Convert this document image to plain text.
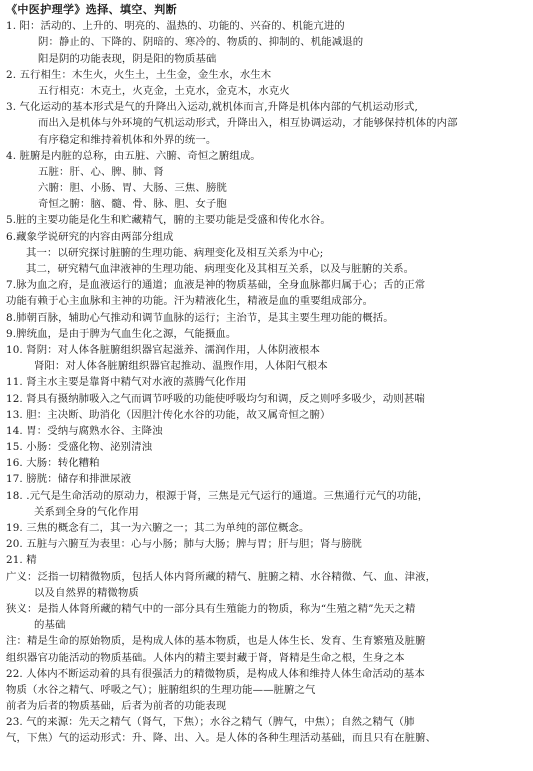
《中医护理学》选择、填空、判断
1. 阳：活动的、上升的、明亮的、温热的、功能的、兴奋的、机能亢进的
阴：静止的、下降的、阴暗的、寒冷的、物质的、抑制的、机能减退的
阳是阴的功能表现，阴是阳的物质基础
2. 五行相生：木生火，火生土，土生金，金生水，水生木
五行相克：木克土，火克金，土克水，金克木，水克火
3. 气化运动的基本形式是气的升降出入运动,就机体而言,升降是机体内部的气机运动形式,
而出入是机体与外环境的气机运动形式，升降出入，相互协调运动，才能够保持机体的内部
有序稳定和维持着机体和外界的统一。
4. 脏腑是内脏的总称，由五脏、六腑、奇恒之腑组成。
五脏：肝、心、脾、肺、肾
六腑：胆、小肠、胃、大肠、三焦、膀胱
奇恒之腑：脑、髓、骨、脉、胆、女子胞
5.脏的主要功能是化生和贮藏精气，腑的主要功能是受盛和传化水谷。
6.藏象学说研究的内容由两部分组成
其一：以研究探讨脏腑的生理功能、病理变化及相互关系为中心;
其二，研究精气血津液神的生理功能、病理变化及其相互关系，以及与脏腑的关系。
7.脉为血之府，是血液运行的通道；血液是神的物质基础，全身血脉都归属于心；舌的正常
功能有赖于心主血脉和主神的功能。汗为精液化生，精液是血的重要组成部分。
8.肺朝百脉，辅助心气推动和调节血脉的运行；主治节，是其主要生理功能的概括。
9.脾统血，是由于脾为气血生化之源，气能摄血。
10. 肾阴：对人体各脏腑组织器官起滋养、濡润作用，人体阴液根本
肾阳：对人体各脏腑组织器官起推动、温煦作用，人体阳气根本
11. 肾主水主要是靠肾中精气对水液的蒸腾气化作用
12. 肾具有摄纳肺吸入之气而调节呼吸的功能使呼吸均匀和调，反之则呼多吸少，动则甚喘
13. 胆：主决断、助消化（因胆汁传化水谷的功能，故又属奇恒之腑）
14. 胃：受纳与腐熟水谷、主降浊
15. 小肠：受盛化物、泌别清浊
16. 大肠：转化糟粕
17. 膀胱：储存和排泄尿液
18. .元气是生命活动的原动力，根源于肾，三焦是元气运行的通道。三焦通行元气的功能，
关系到全身的气化作用
19. 三焦的概念有二，其一为六腑之一；其二为单纯的部位概念。
20. 五脏与六腑互为表里：心与小肠；肺与大肠；脾与胃；肝与胆；肾与膀胱
21. 精
广义：泛指一切精微物质，包括人体内肾所藏的精气、脏腑之精、水谷精微、气、血、津液，
以及自然界的精微物质
狭义：是指人体肾所藏的精气中的一部分具有生殖能力的物质，称为“生殖之精”先天之精
的基础
注：精是生命的原始物质，是构成人体的基本物质，也是人体生长、发育、生育繁殖及脏腑
组织器官功能活动的物质基础。人体内的精主要封藏于肾，肾精是生命之根，生身之本
22. 人体内不断运动着的具有很强活力的精微物质，是构成人体和维持人体生命活动的基本
物质（水谷之精气、呼吸之气）；脏腑组织的生理功能——脏腑之气
前者为后者的物质基础，后者为前者的功能表现
23. 气的来源：先天之精气（肾气，下焦）；水谷之精气（脾气，中焦）；自然之精气（肺
气，下焦）气的运动形式：升、降、出、入。是人体的各种生理活动基础，而且只有在脏腑、
